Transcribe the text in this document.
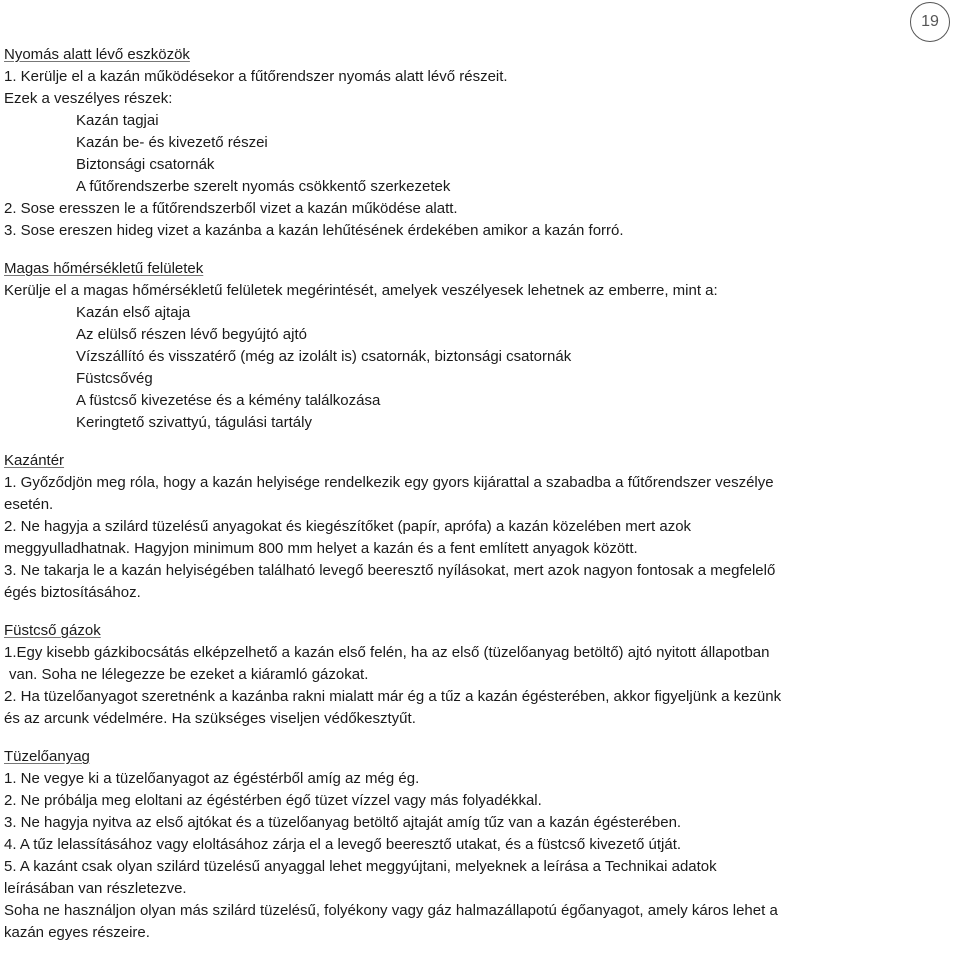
19
Nyomás alatt lévő eszközök
1. Kerülje el a kazán működésekor a fűtőrendszer nyomás alatt lévő részeit.
Ezek a veszélyes részek:
Kazán tagjai
Kazán be- és kivezető részei
Biztonsági csatornák
A fűtőrendszerbe szerelt nyomás csökkentő szerkezetek
2. Sose eresszen le a fűtőrendszerből vizet a kazán működése alatt.
3. Sose ereszen hideg vizet a kazánba a kazán lehűtésének érdekében amikor a kazán forró.
Magas hőmérsékletű felületek
Kerülje el a magas hőmérsékletű felületek megérintését, amelyek veszélyesek lehetnek az emberre, mint a:
Kazán első ajtaja
Az elülső részen lévő begyújtó ajtó
Vízszállító és visszatérő (még az izolált is) csatornák, biztonsági csatornák
Füstcsővég
A füstcső kivezetése és a kémény találkozása
Keringtető szivattyú, tágulási tartály
Kazántér
1. Győződjön meg róla, hogy a kazán helyisége rendelkezik egy gyors kijárattal a szabadba a fűtőrendszer veszélye
esetén.
2. Ne hagyja a szilárd tüzelésű anyagokat és kiegészítőket (papír, aprófa) a kazán közelében mert azok
meggyulladhatnak. Hagyjon minimum 800 mm helyet a kazán és a fent említett anyagok között.
3. Ne takarja le a kazán helyiségében található levegő beeresztő nyílásokat, mert azok nagyon fontosak a megfelelő
égés biztosításához.
Füstcső gázok
1.Egy kisebb gázkibocsátás elképzelhető a kazán első felén, ha az első (tüzelőanyag betöltő) ajtó nyitott állapotban
van. Soha ne lélegezze be ezeket a kiáramló gázokat.
2. Ha tüzelőanyagot szeretnénk a kazánba rakni mialatt már ég a tűz a kazán égésterében, akkor figyeljünk a kezünk
és az arcunk védelmére. Ha szükséges viseljen védőkesztyűt.
Tüzelőanyag
1. Ne vegye ki a tüzelőanyagot az égéstérből amíg az még ég.
2. Ne próbálja meg eloltani az égéstérben égő tüzet vízzel vagy más folyadékkal.
3. Ne hagyja nyitva az első ajtókat és a tüzelőanyag betöltő ajtaját amíg tűz van a kazán égésterében.
4. A tűz lelassításához vagy eloltásához zárja el a levegő beeresztő utakat, és a füstcső kivezető útját.
5. A kazánt csak olyan szilárd tüzelésű anyaggal lehet meggyújtani, melyeknek a leírása a Technikai adatok
leírásában van részletezve.
Soha ne használjon olyan más szilárd tüzelésű, folyékony vagy gáz halmazállapotú égőanyagot, amely káros lehet a
kazán egyes részeire.
